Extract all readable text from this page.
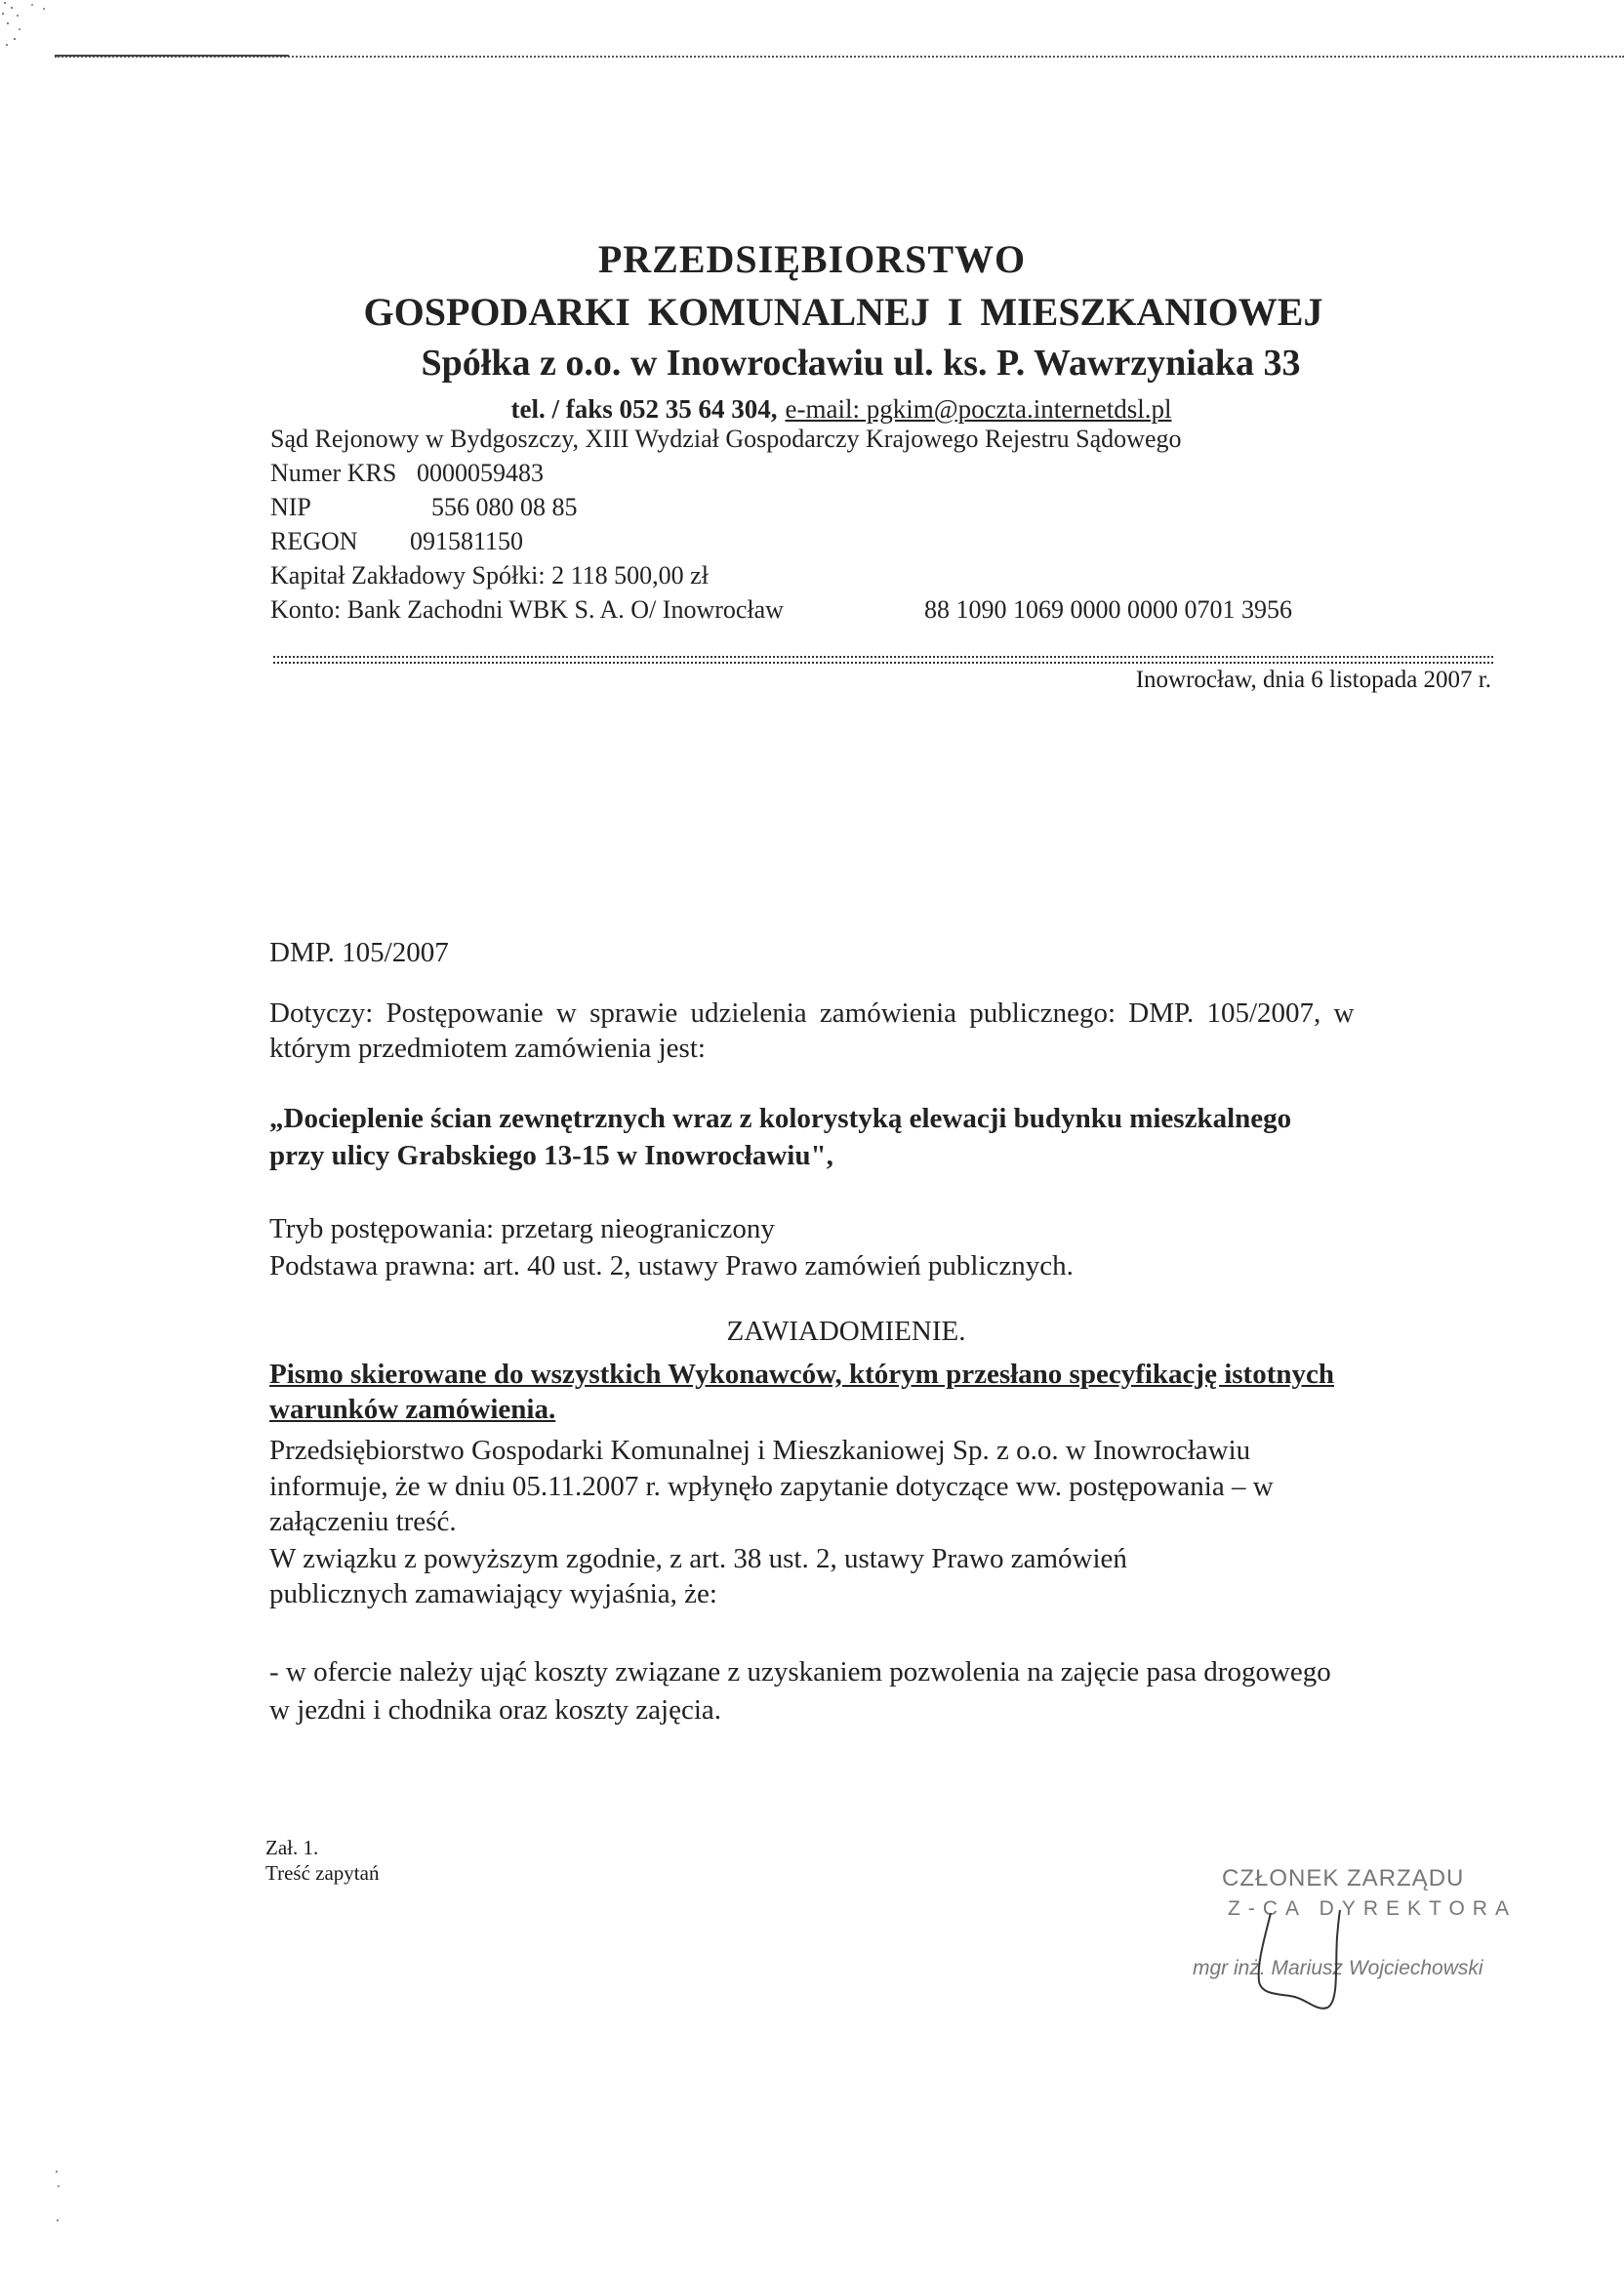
PRZEDSIĘBIORSTWO
GOSPODARKI KOMUNALNEJ I MIESZKANIOWEJ
Spółka z o.o. w Inowrocławiu ul. ks. P. Wawrzyniaka 33
tel. / faks 052 35 64 304, e-mail: pgkim@poczta.internetdsl.pl
Sąd Rejonowy w Bydgoszczy, XIII Wydział Gospodarczy Krajowego Rejestru Sądowego
Numer KRS 0000059483
NIP	556 080 08 85
REGON 091581150
Kapitał Zakładowy Spółki: 2 118 500,00 zł
Konto: Bank Zachodni WBK S. A. O/ Inowrocław	88 1090 1069 0000 0000 0701 3956
Inowrocław, dnia 6 listopada 2007 r.
DMP. 105/2007
Dotyczy: Postępowanie w sprawie udzielenia zamówienia publicznego: DMP. 105/2007, w
którym przedmiotem zamówienia jest:
„Docieplenie ścian zewnętrznych wraz z kolorystyką elewacji budynku mieszkalnego
przy ulicy Grabskiego 13-15 w Inowrocławiu",
Tryb postępowania: przetarg nieograniczony
Podstawa prawna: art. 40 ust. 2, ustawy Prawo zamówień publicznych.
ZAWIADOMIENIE.
Pismo skierowane do wszystkich Wykonawców, którym przesłano specyfikację istotnych
warunków zamówienia.
Przedsiębiorstwo Gospodarki Komunalnej i Mieszkaniowej Sp. z o.o. w Inowrocławiu
informuje, że w dniu 05.11.2007 r. wpłynęło zapytanie dotyczące ww. postępowania – w
załączeniu treść.
W związku z powyższym zgodnie, z art. 38 ust. 2, ustawy Prawo zamówień
publicznych zamawiający wyjaśnia, że:
- w ofercie należy ująć koszty związane z uzyskaniem pozwolenia na zajęcie pasa drogowego
w jezdni i chodnika oraz koszty zajęcia.
Zał. 1.
Treść zapytań	CZŁONEK ZARZĄDU
Z-CA DYREKTORA
mgr inż. Mariusz Wojciechowski
